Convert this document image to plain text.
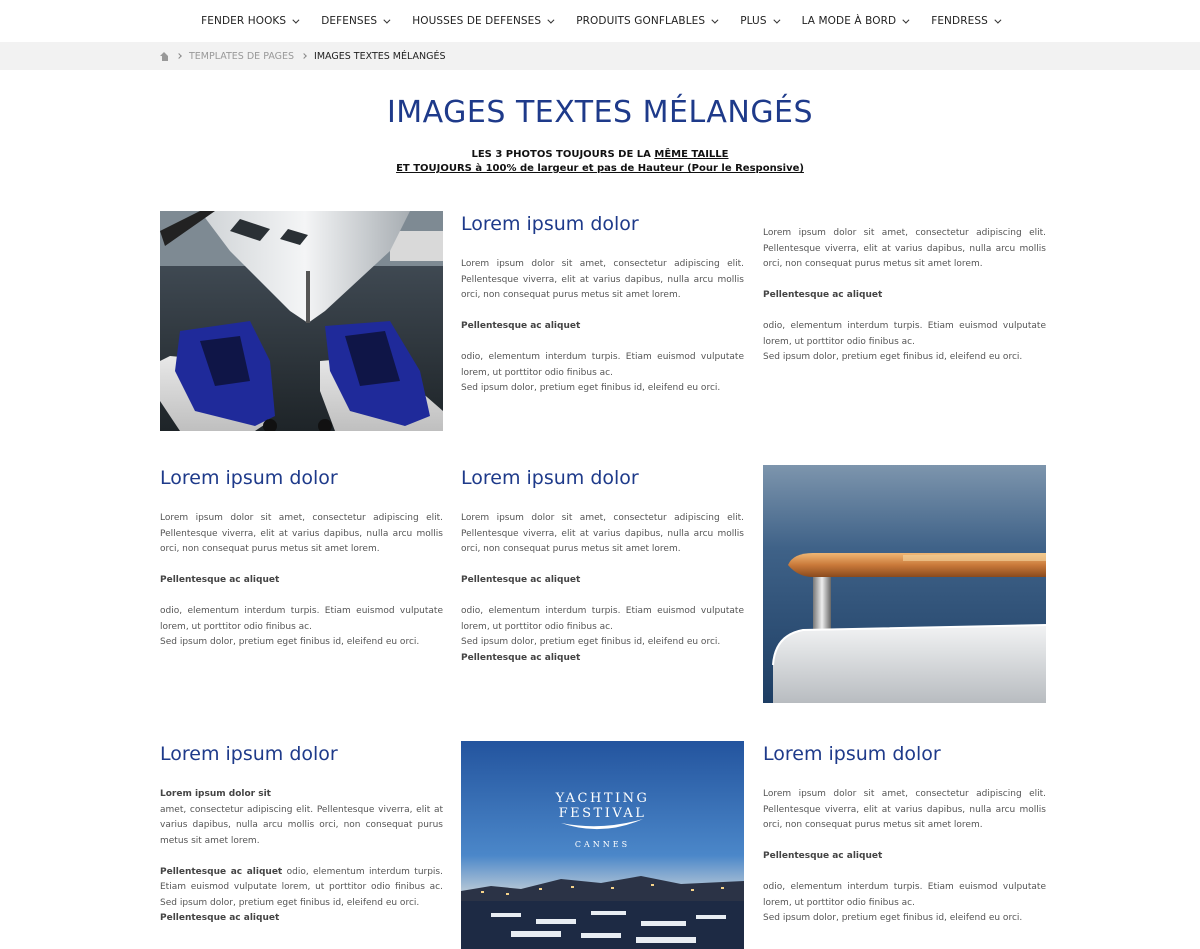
FENDER HOOKS	DEFENSES	HOUSSES DE DEFENSES	PRODUITS GONFLABLES	PLUS	LA MODE À BORD	FENDRESS
TEMPLATES DE PAGES IMAGES TEXTES MÉLANGÉS
IMAGES TEXTES MÉLANGÉS
LES 3 PHOTOS TOUJOURS DE LA MÊME TAILLE
ET TOUJOURS à 100% de largeur et pas de Hauteur (Pour le Responsive)
Lorem ipsum dolor

Lorem ipsum dolor sit amet, consectetur adipiscing elit. Pellentesque viverra, elit at varius dapibus, nulla arcu mollis orci, non consequat purus metus sit amet lorem.

Pellentesque ac aliquet

odio, elementum interdum turpis. Etiam euismod vulputate lorem, ut porttitor odio finibus ac.

Sed ipsum dolor, pretium eget finibus id, eleifend eu orci.

Lorem ipsum dolor sit amet, consectetur adipiscing elit. Pellentesque viverra, elit at varius dapibus, nulla arcu mollis orci, non consequat purus metus sit amet lorem.

Pellentesque ac aliquet

odio, elementum interdum turpis. Etiam euismod vulputate lorem, ut porttitor odio finibus ac.

Sed ipsum dolor, pretium eget finibus id, eleifend eu orci.

Lorem ipsum dolor

Lorem ipsum dolor sit amet, consectetur adipiscing elit. Pellentesque viverra, elit at varius dapibus, nulla arcu mollis orci, non consequat purus metus sit amet lorem.

Pellentesque ac aliquet

odio, elementum interdum turpis. Etiam euismod vulputate lorem, ut porttitor odio finibus ac.

Sed ipsum dolor, pretium eget finibus id, eleifend eu orci.

Lorem ipsum dolor

Lorem ipsum dolor sit amet, consectetur adipiscing elit. Pellentesque viverra, elit at varius dapibus, nulla arcu mollis orci, non consequat purus metus sit amet lorem.

Pellentesque ac aliquet

odio, elementum interdum turpis. Etiam euismod vulputate lorem, ut porttitor odio finibus ac.

Sed ipsum dolor, pretium eget finibus id, eleifend eu orci.

Pellentesque ac aliquet

Lorem ipsum dolor

Lorem ipsum dolor sit

amet, consectetur adipiscing elit. Pellentesque viverra, elit at varius dapibus, nulla arcu mollis orci, non consequat purus metus sit amet lorem.

Pellentesque ac aliquet odio, elementum interdum turpis. Etiam euismod vulputate lorem, ut porttitor odio finibus ac. Sed ipsum dolor, pretium eget finibus id, eleifend eu orci.

Pellentesque ac aliquet

YACHTING
FESTIVAL
CANNES
Lorem ipsum dolor

Lorem ipsum dolor sit amet, consectetur adipiscing elit. Pellentesque viverra, elit at varius dapibus, nulla arcu mollis orci, non consequat purus metus sit amet lorem.

Pellentesque ac aliquet

odio, elementum interdum turpis. Etiam euismod vulputate lorem, ut porttitor odio finibus ac.

Sed ipsum dolor, pretium eget finibus id, eleifend eu orci.
